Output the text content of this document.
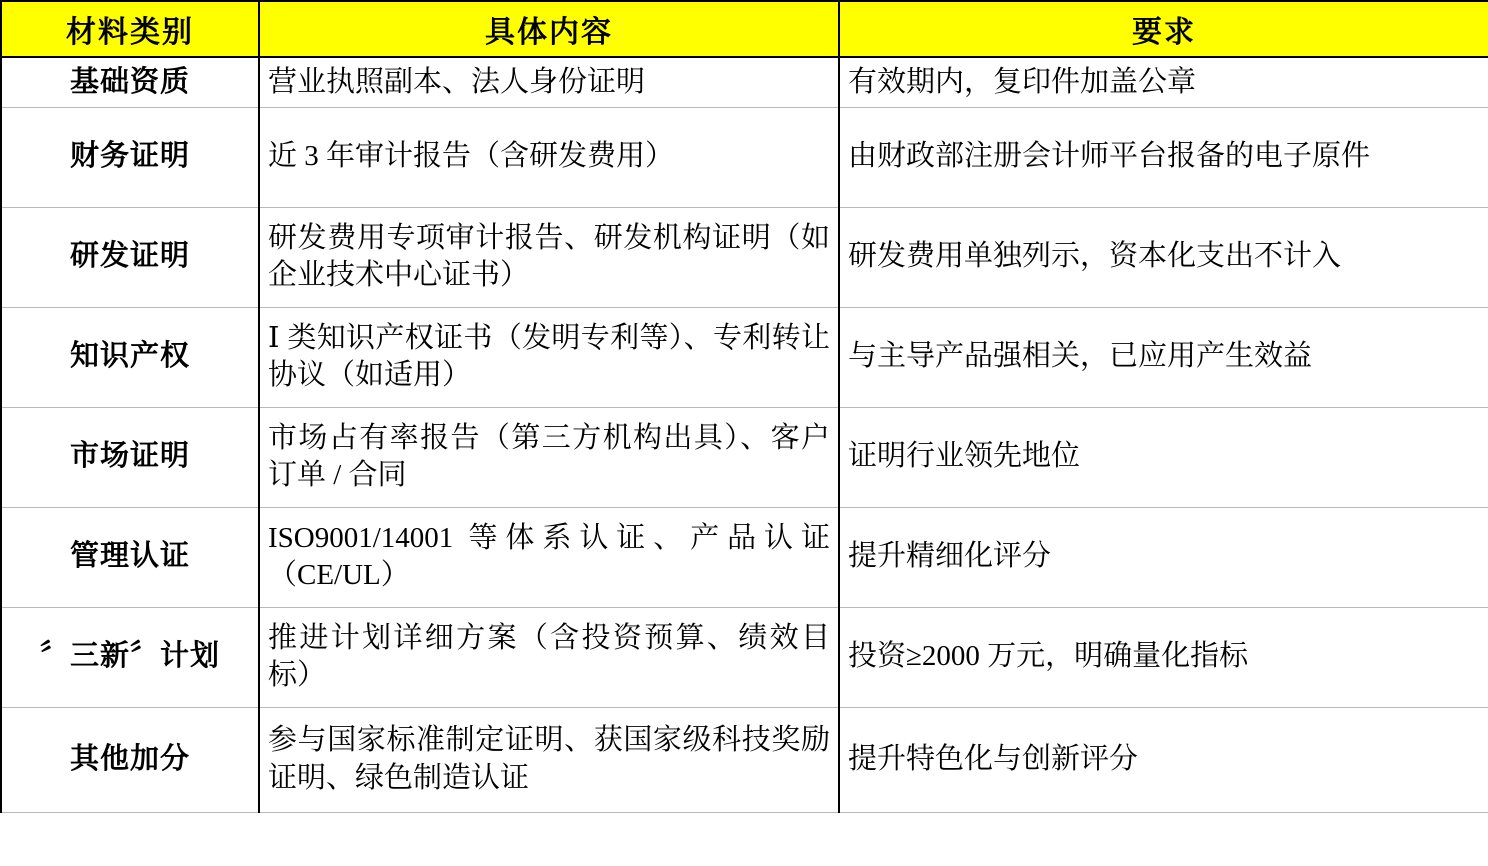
材料类别	具体内容	要求
基础资质	营业执照副本、法人身份证明	有效期内，复印件加盖公章
财务证明	近 3 年审计报告（含研发费用）	由财政部注册会计师平台报备的电子原件
研发证明	研发费用专项审计报告、研发机构证明（如企业技术中心证书）	研发费用单独列示，资本化支出不计入
知识产权	Ⅰ 类知识产权证书（发明专利等）、专利转让协议（如适用）	与主导产品强相关，已应用产生效益
市场证明	市场占有率报告（第三方机构出具）、客户订单 / 合同	证明行业领先地位
管理认证	ISO9001/14001 等体系认证、产品认证（CE/UL）	提升精细化评分
〞三新〞计划	推进计划详细方案（含投资预算、绩效目标）	投资≥2000 万元，明确量化指标
其他加分	参与国家标准制定证明、获国家级科技奖励证明、绿色制造认证	提升特色化与创新评分
